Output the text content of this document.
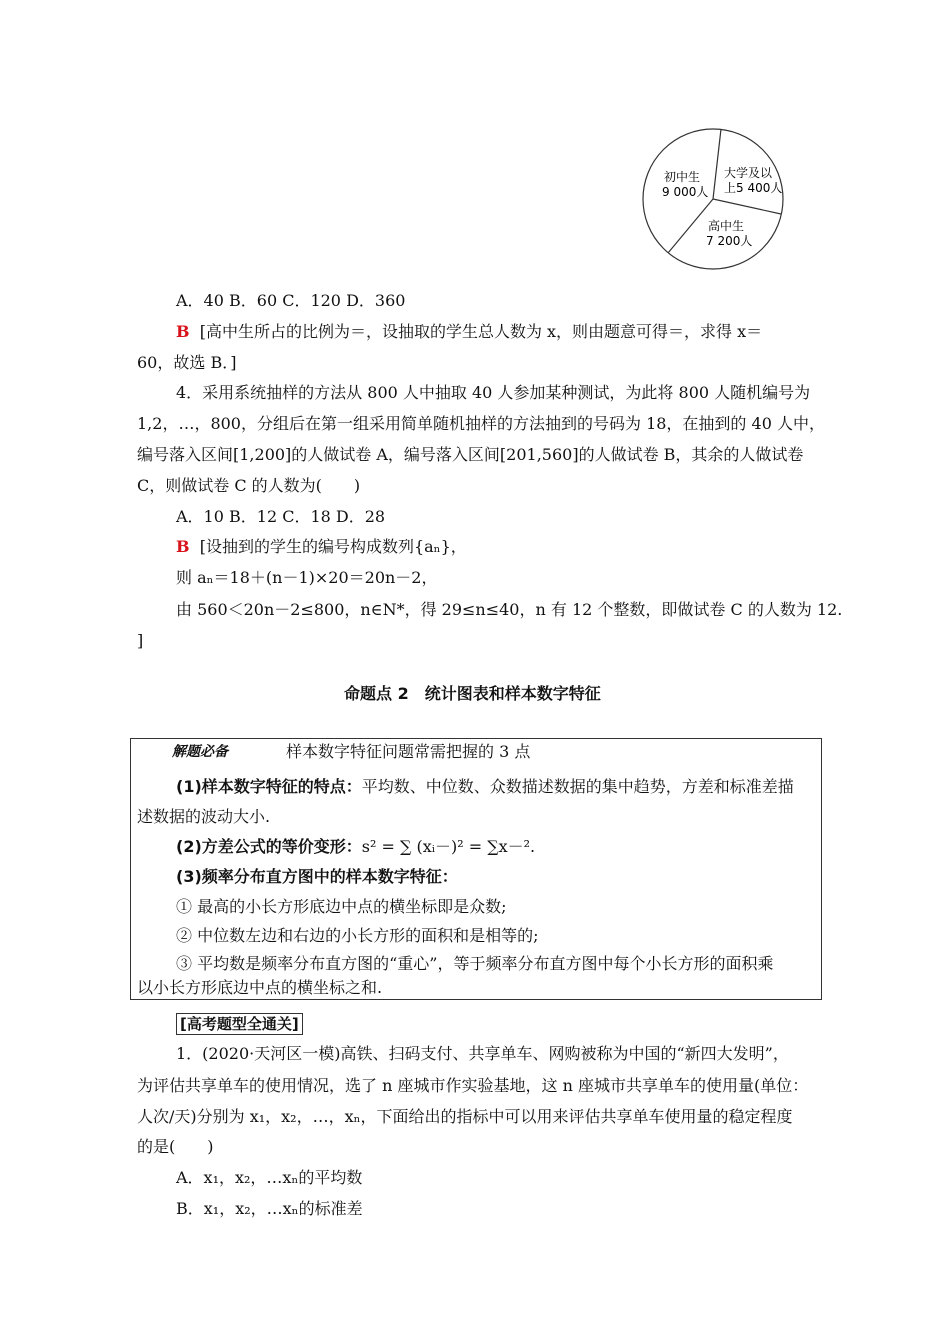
初中生
9 000人
大学及以
上5 400人
高中生
7 200人
A．40 B．60 C．120 D．360
B [高中生所占的比例为＝，设抽取的学生总人数为 x，则由题意可得＝，求得 x＝
60，故选 B．]
4．采用系统抽样的方法从 800 人中抽取 40 人参加某种测试，为此将 800 人随机编号为
1,2，…，800，分组后在第一组采用简单随机抽样的方法抽到的号码为 18，在抽到的 40 人中，
编号落入区间[1,200]的人做试卷 A，编号落入区间[201,560]的人做试卷 B，其余的人做试卷
C，则做试卷 C 的人数为(　　)
A．10 B．12 C．18 D．28
B [设抽到的学生的编号构成数列{aₙ}，
则 aₙ＝18＋(n－1)×20＝20n－2，
由 560＜20n－2≤800，n∈N*，得 29≤n≤40，n 有 12 个整数，即做试卷 C 的人数为 12.
]
命题点 2　统计图表和样本数字特征
解题必备	样本数字特征问题常需把握的 3 点
(1)样本数字特征的特点：平均数、中位数、众数描述数据的集中趋势，方差和标准差描
述数据的波动大小.
(2)方差公式的等价变形：s² = ∑ (xᵢ－)² = ∑x－².
(3)频率分布直方图中的样本数字特征：
① 最高的小长方形底边中点的横坐标即是众数;
② 中位数左边和右边的小长方形的面积和是相等的;
③ 平均数是频率分布直方图的“重心”，等于频率分布直方图中每个小长方形的面积乘
以小长方形底边中点的横坐标之和.
[高考题型全通关]
1．(2020·天河区一模)高铁、扫码支付、共享单车、网购被称为中国的“新四大发明”，
为评估共享单车的使用情况，选了 n 座城市作实验基地，这 n 座城市共享单车的使用量(单位：
人次/天)分别为 x₁，x₂，…，xₙ，下面给出的指标中可以用来评估共享单车使用量的稳定程度
的是(　　)
A．x₁，x₂，…xₙ的平均数
B．x₁，x₂，…xₙ的标准差
